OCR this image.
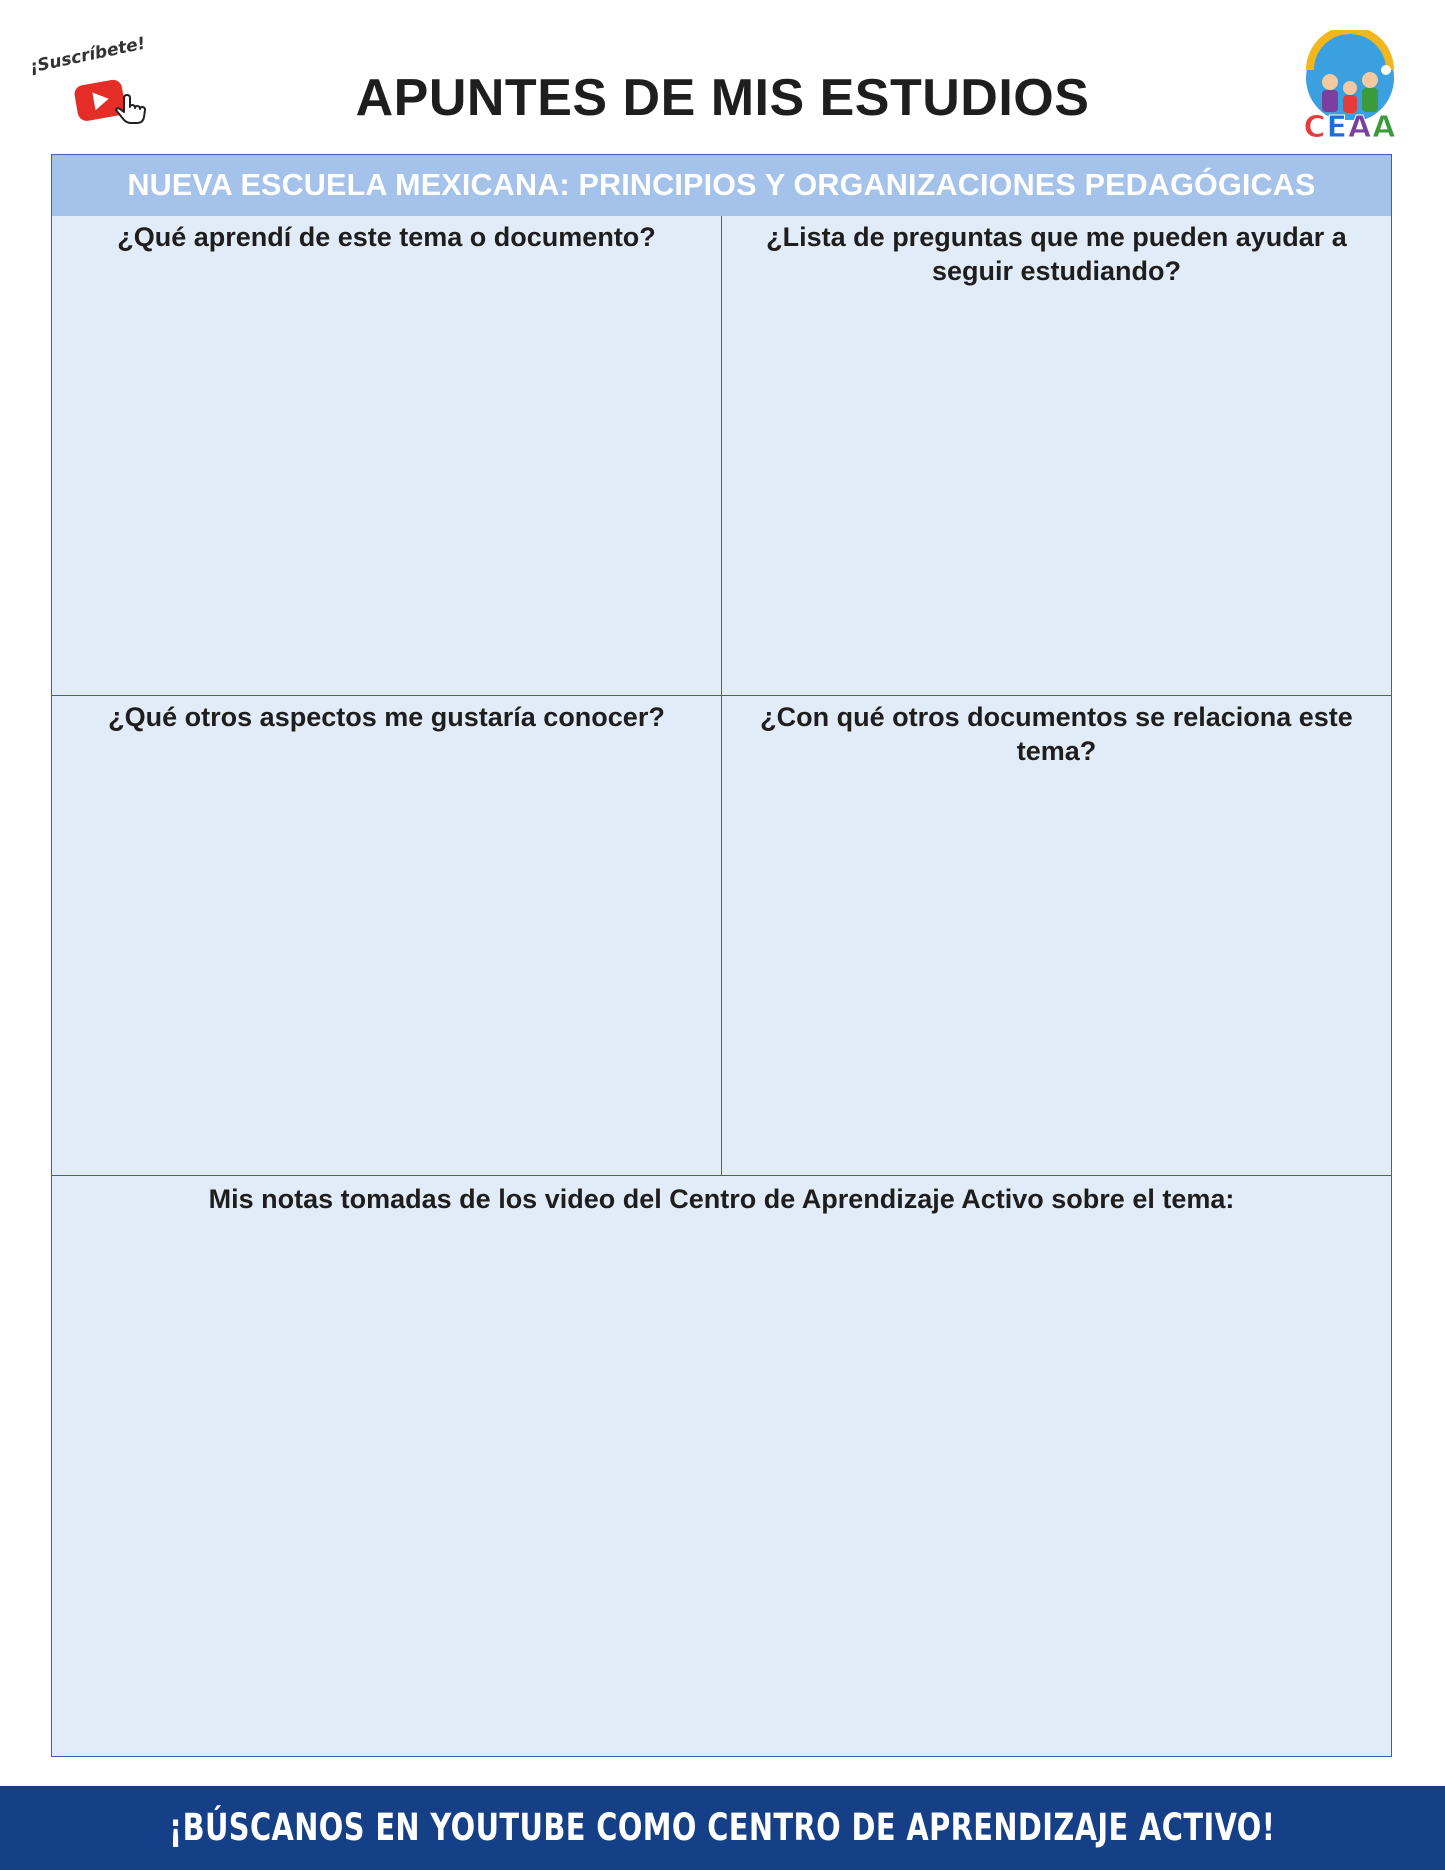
¡Suscríbete!
APUNTES DE MIS ESTUDIOS
CEAA
NUEVA ESCUELA MEXICANA: PRINCIPIOS Y ORGANIZACIONES PEDAGÓGICAS
¿Qué aprendí de este tema o documento?	¿Lista de preguntas que me pueden ayudar a seguir estudiando?
¿Qué otros aspectos me gustaría conocer?	¿Con qué otros documentos se relaciona este tema?
Mis notas tomadas de los video del Centro de Aprendizaje Activo sobre el tema:
¡BÚSCANOS EN YOUTUBE COMO CENTRO DE APRENDIZAJE ACTIVO!
